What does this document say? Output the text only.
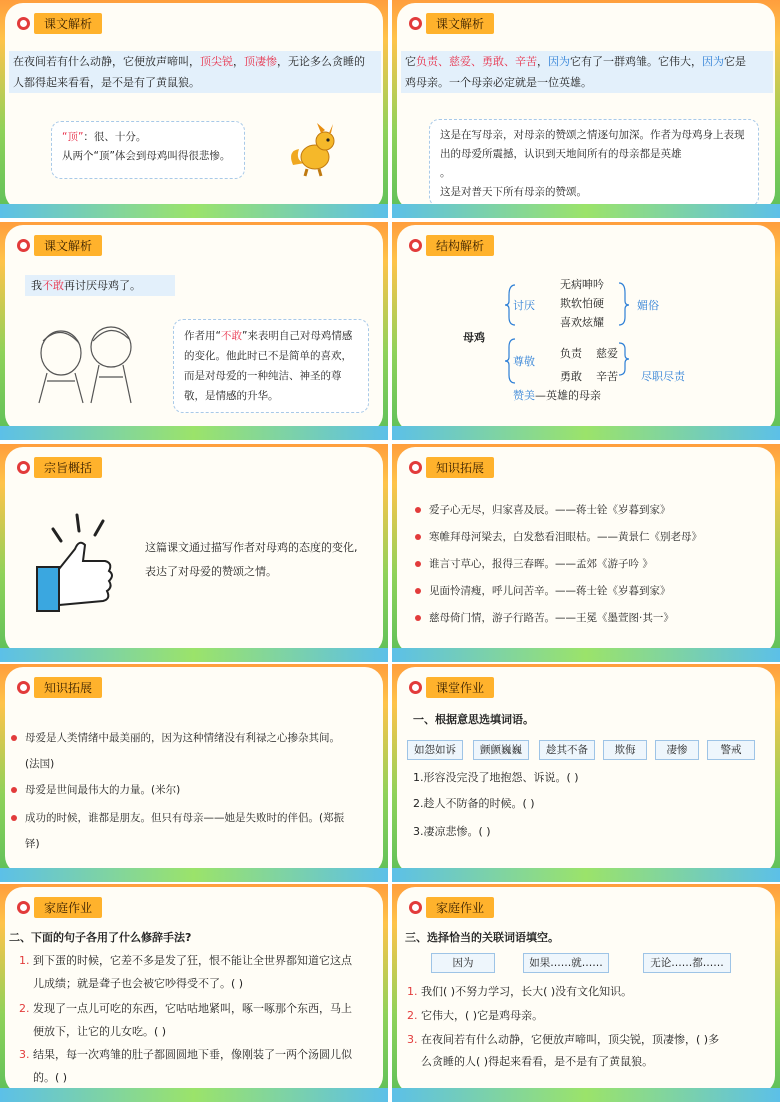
课文解析
在夜间若有什么动静，它便放声啼叫，顶尖锐，顶凄惨，无论多么贪睡的
人都得起来看看，是不是有了黄鼠狼。
“顶”：很、十分。
从两个“顶”体会到母鸡叫得很悲惨。
课文解析
它负责、慈爱、勇敢、辛苦，因为它有了一群鸡雏。它伟大，因为它是
鸡母亲。一个母亲必定就是一位英雄。
这是在写母亲，对母亲的赞颂之情逐句加深。作者为母鸡身上表现出的母爱所震撼，认识到天地间所有的母亲都是英雄
。
这是对普天下所有母亲的赞颂。
课文解析
我不敢再讨厌母鸡了。
作者用“不敢”来表明自己对母鸡情感的变化。他此时已不是简单的喜欢，而是对母爱的一种纯洁、神圣的尊敬，是情感的升华。
结构解析
母鸡
讨厌
无病呻吟
欺软怕硬
喜欢炫耀
媚俗
尊敬
负责 慈爱
勇敢 辛苦 尽职尽责
赞美—英雄的母亲
宗旨概括
这篇课文通过描写作者对母鸡的态度的变化,
表达了对母爱的赞颂之情。
知识拓展
爱子心无尽，归家喜及辰。——蒋士铨《岁暮到家》
寒帷拜母河梁去，白发愁看泪眼枯。——黄景仁《别老母》
谁言寸草心，报得三春晖。——孟郊《游子吟 》
见面怜清瘦，呼儿问苦辛。——蒋士铨《岁暮到家》
慈母倚门情，游子行路苦。——王冕《墨萱图·其一》
知识拓展
母爱是人类情绪中最美丽的，因为这种情绪没有利禄之心掺杂其间。
(法国)
母爱是世间最伟大的力量。(米尔)
成功的时候，谁都是朋友。但只有母亲——她是失败时的伴侣。(郑振
铎)
课堂作业
一、根据意思选填词语。
如怨如诉	颤颤巍巍	趁其不备	欺侮	凄惨	警戒
1.形容没完没了地抱怨、诉说。( )
2.趁人不防备的时候。( )
3.凄凉悲惨。( )
家庭作业
二、下面的句子各用了什么修辞手法?
1. 到下蛋的时候，它差不多是发了狂，恨不能让全世界都知道它这点
儿成绩；就是聋子也会被它吵得受不了。( )
2. 发现了一点儿可吃的东西，它咕咕地紧叫，啄一啄那个东西，马上
便放下，让它的儿女吃。( )
3. 结果，每一次鸡雏的肚子都圆圆地下垂，像刚装了一两个汤圆儿似
的。( )
家庭作业
三、选择恰当的关联词语填空。
因为	如果……就……	无论……都……
1. 我们( )不努力学习，长大( )没有文化知识。
2. 它伟大，( )它是鸡母亲。
3. 在夜间若有什么动静，它便放声啼叫，顶尖锐，顶凄惨，( )多
么贪睡的人( )得起来看看，是不是有了黄鼠狼。
